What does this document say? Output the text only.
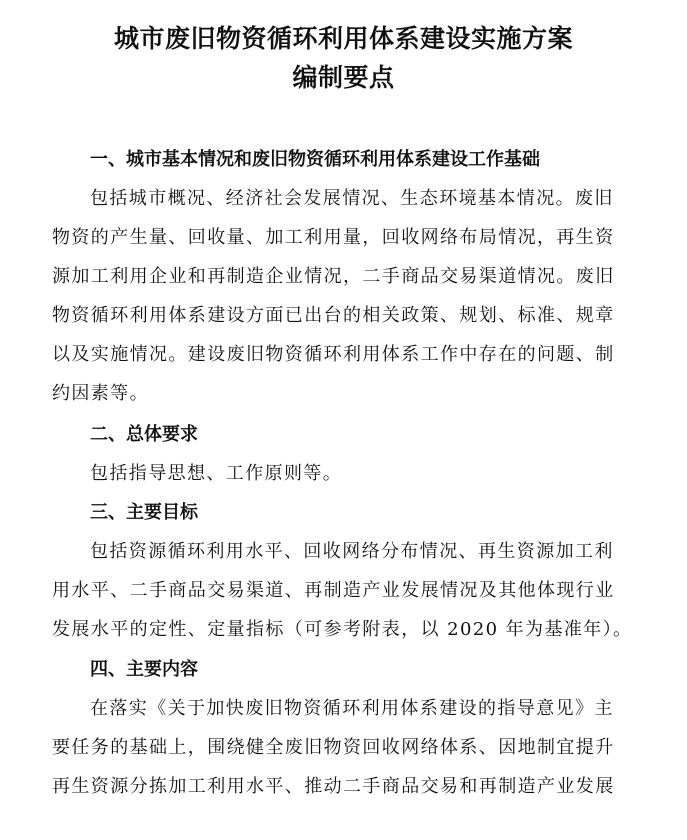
城市废旧物资循环利用体系建设实施方案
编制要点
一、城市基本情况和废旧物资循环利用体系建设工作基础
包括城市概况、经济社会发展情况、生态环境基本情况。废旧
物资的产生量、回收量、加工利用量，回收网络布局情况，再生资
源加工利用企业和再制造企业情况，二手商品交易渠道情况。废旧
物资循环利用体系建设方面已出台的相关政策、规划、标准、规章
以及实施情况。建设废旧物资循环利用体系工作中存在的问题、制
约因素等。
二、总体要求
包括指导思想、工作原则等。
三、主要目标
包括资源循环利用水平、回收网络分布情况、再生资源加工利
用水平、二手商品交易渠道、再制造产业发展情况及其他体现行业
发展水平的定性、定量指标（可参考附表，以 2020 年为基准年）。
四、主要内容
在落实《关于加快废旧物资循环利用体系建设的指导意见》主
要任务的基础上，围绕健全废旧物资回收网络体系、因地制宜提升
再生资源分拣加工利用水平、推动二手商品交易和再制造产业发展
